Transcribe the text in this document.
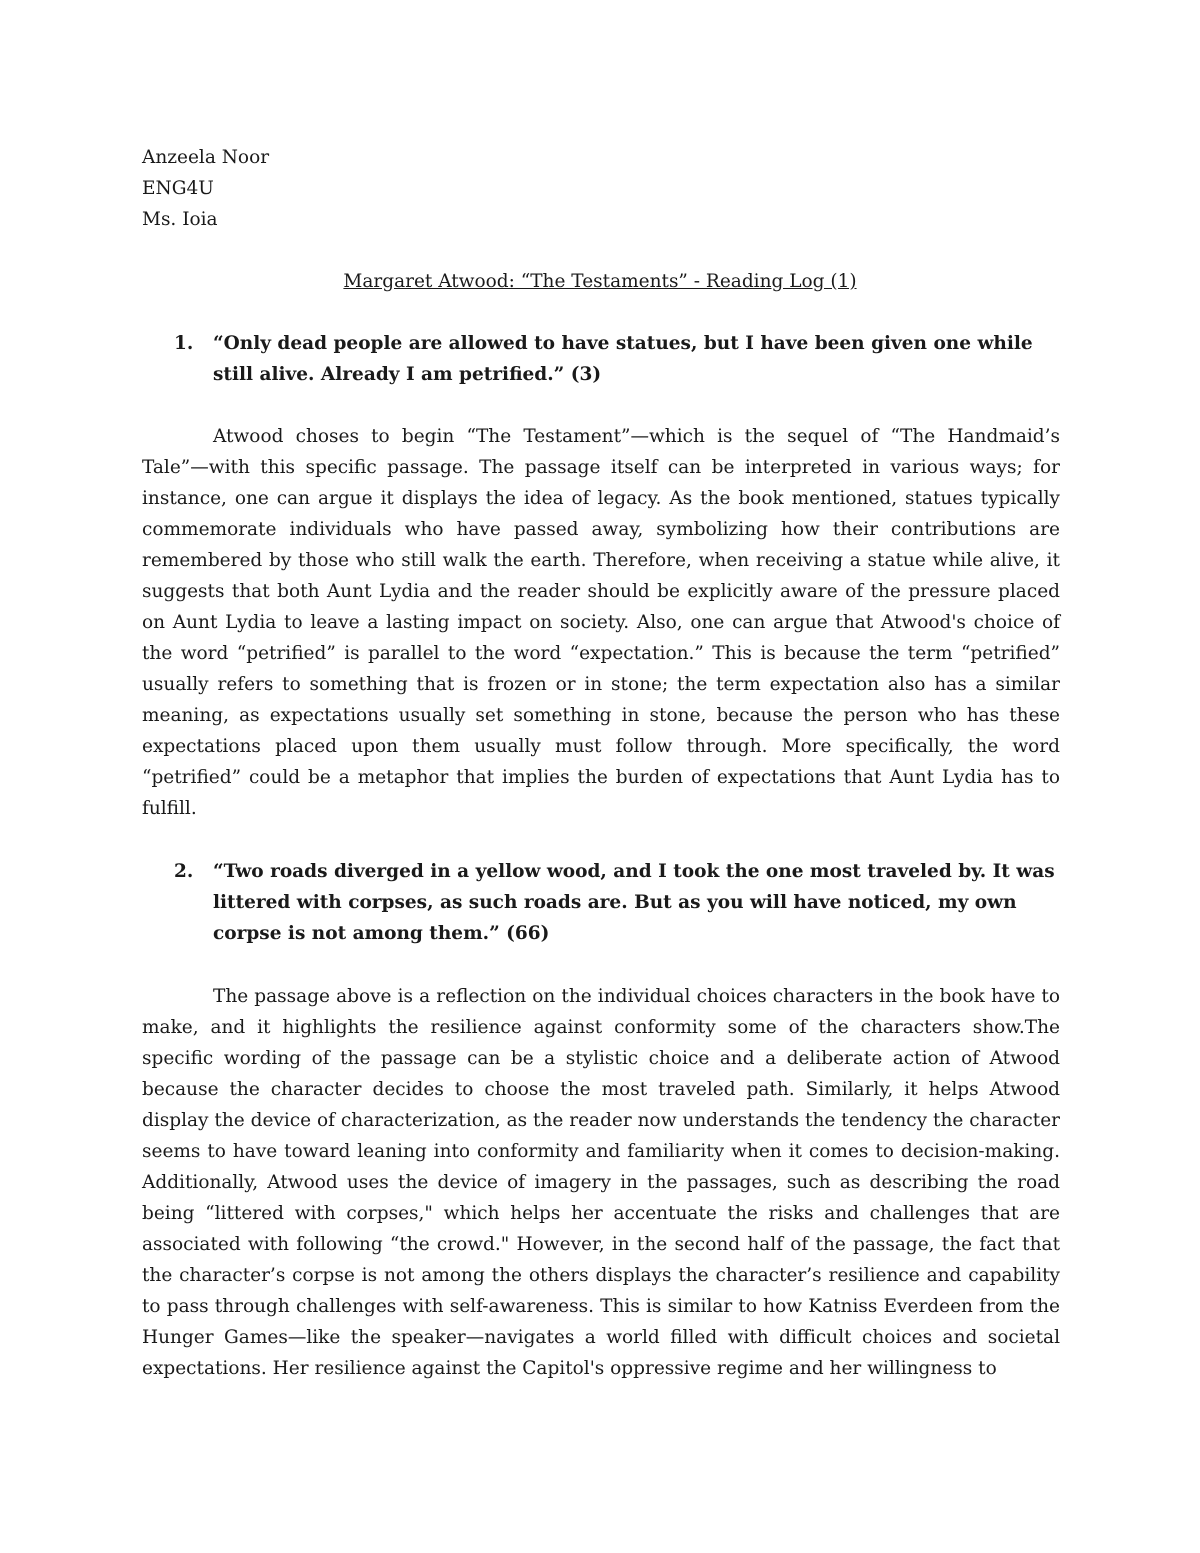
Anzeela Noor
ENG4U
Ms. Ioia
Margaret Atwood: “The Testaments” - Reading Log (1)
1. “Only dead people are allowed to have statues, but I have been given one while still alive. Already I am petrified.” (3)

Atwood choses to begin “The Testament”—which is the sequel of “The Handmaid’s Tale”—with this specific passage. The passage itself can be interpreted in various ways; for instance, one can argue it displays the idea of legacy. As the book mentioned, statues typically commemorate individuals who have passed away, symbolizing how their contributions are remembered by those who still walk the earth. Therefore, when receiving a statue while alive, it suggests that both Aunt Lydia and the reader should be explicitly aware of the pressure placed on Aunt Lydia to leave a lasting impact on society. Also, one can argue that Atwood's choice of the word “petrified” is parallel to the word “expectation.” This is because the term “petrified” usually refers to something that is frozen or in stone; the term expectation also has a similar meaning, as expectations usually set something in stone, because the person who has these expectations placed upon them usually must follow through. More specifically, the word “petrified” could be a metaphor that implies the burden of expectations that Aunt Lydia has to fulfill.

2. “Two roads diverged in a yellow wood, and I took the one most traveled by. It was littered with corpses, as such roads are. But as you will have noticed, my own corpse is not among them.” (66)

The passage above is a reflection on the individual choices characters in the book have to make, and it highlights the resilience against conformity some of the characters show.The specific wording of the passage can be a stylistic choice and a deliberate action of Atwood because the character decides to choose the most traveled path. Similarly, it helps Atwood display the device of characterization, as the reader now understands the tendency the character seems to have toward leaning into conformity and familiarity when it comes to decision-making. Additionally, Atwood uses the device of imagery in the passages, such as describing the road being “littered with corpses," which helps her accentuate the risks and challenges that are associated with following “the crowd." However, in the second half of the passage, the fact that the character’s corpse is not among the others displays the character’s resilience and capability to pass through challenges with self-awareness. This is similar to how Katniss Everdeen from the Hunger Games—like the speaker—navigates a world filled with difficult choices and societal expectations. Her resilience against the Capitol's oppressive regime and her willingness to
